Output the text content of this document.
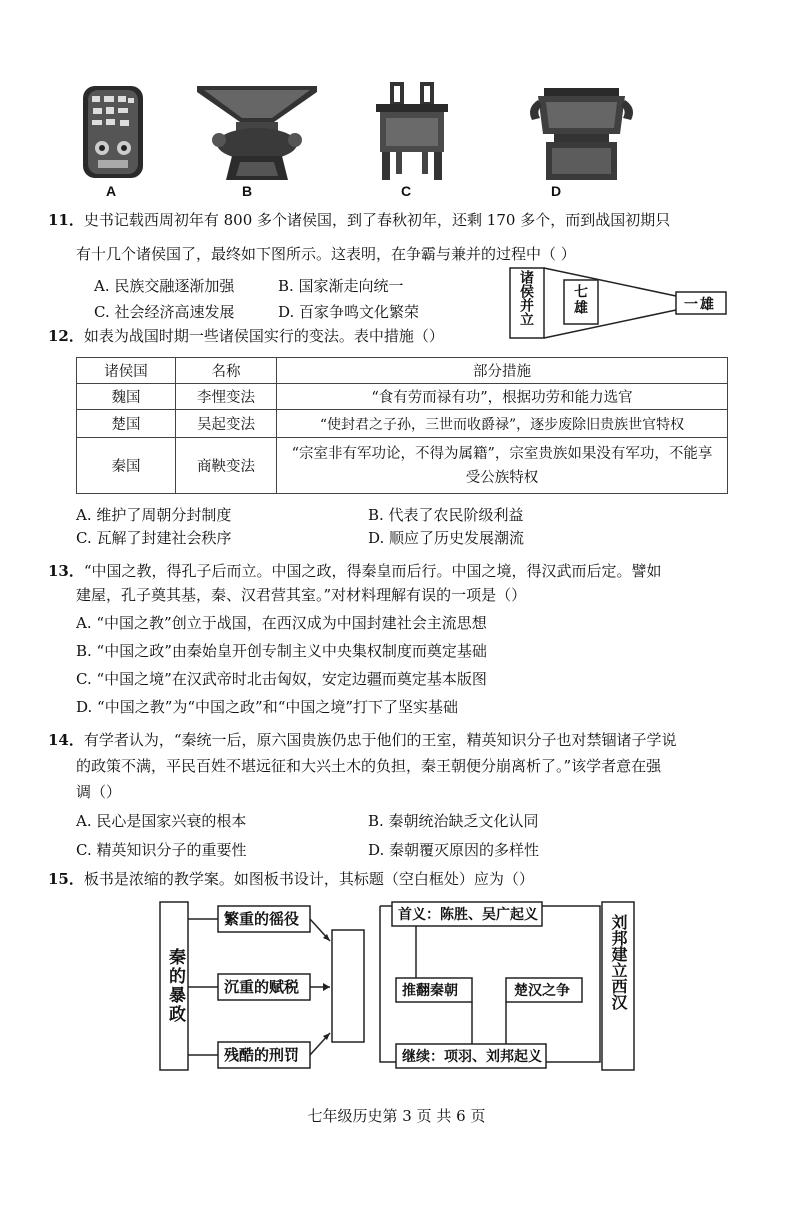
A	B	C	D
11．史书记载西周初年有 800 多个诸侯国，到了春秋初年，还剩 170 多个，而到战国初期只
有十几个诸侯国了，最终如下图所示。这表明，在争霸与兼并的过程中（ ）
A. 民族交融逐渐加强	B. 国家渐走向统一
C. 社会经济高速发展	D. 百家争鸣文化繁荣	诸侯并立	七雄	一雄
12．如表为战国时期一些诸侯国实行的变法。表中措施（）
诸侯国	名称	部分措施
魏国	李悝变法	“食有劳而禄有功”，根据功劳和能力选官
楚国	吴起变法	“使封君之子孙，三世而收爵禄”，逐步废除旧贵族世官特权
秦国	商鞅变法	“宗室非有军功论，不得为属籍”，宗室贵族如果没有军功，不能享受公族特权
A. 维护了周朝分封制度	B. 代表了农民阶级利益
C. 瓦解了封建社会秩序	D. 顺应了历史发展潮流
13．“中国之教，得孔子后而立。中国之政，得秦皇而后行。中国之境，得汉武而后定。譬如
建屋，孔子奠其基，秦、汉君营其室。”对材料理解有误的一项是（）
A. “中国之教”创立于战国，在西汉成为中国封建社会主流思想
B. “中国之政”由秦始皇开创专制主义中央集权制度而奠定基础
C. “中国之境”在汉武帝时北击匈奴，安定边疆而奠定基本版图
D. “中国之教”为“中国之政”和“中国之境”打下了坚实基础
14．有学者认为，“秦统一后，原六国贵族仍忠于他们的王室，精英知识分子也对禁锢诸子学说
的政策不满，平民百姓不堪远征和大兴土木的负担，秦王朝便分崩离析了。”该学者意在强
调（）
A. 民心是国家兴衰的根本	B. 秦朝统治缺乏文化认同
C. 精英知识分子的重要性	D. 秦朝覆灭原因的多样性
15．板书是浓缩的教学案。如图板书设计，其标题（空白框处）应为（）
秦的暴政
繁重的徭役
沉重的赋税
残酷的刑罚
首义：陈胜、吴广起义
推翻秦朝	楚汉之争
继续：项羽、刘邦起义
刘邦建立西汉
七年级历史第 3 页 共 6 页
